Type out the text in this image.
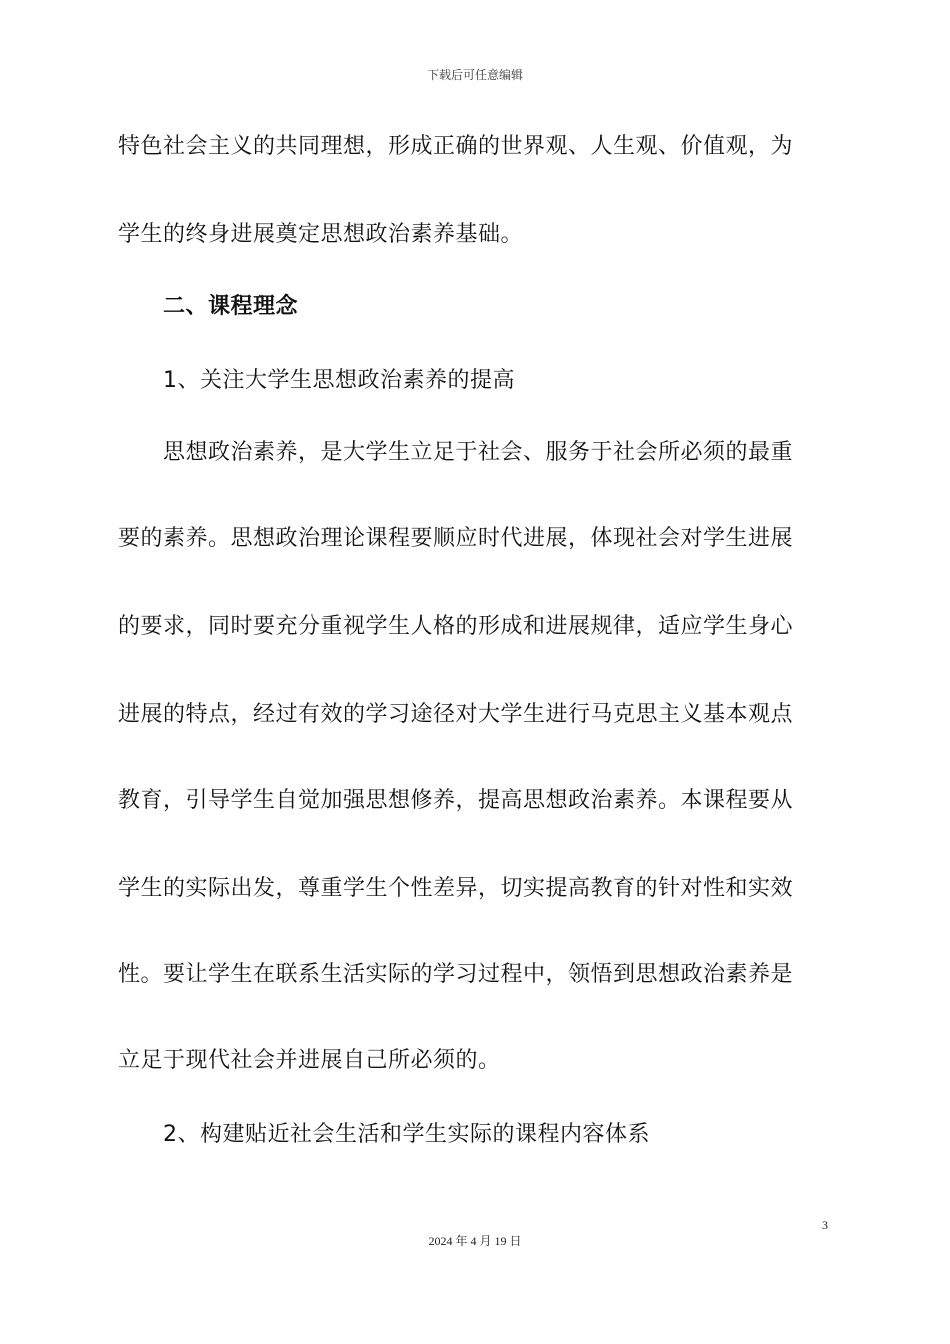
下载后可任意编辑
特色社会主义的共同理想，形成正确的世界观、人生观、价值观，为
学生的终身进展奠定思想政治素养基础。
二、课程理念
1、关注大学生思想政治素养的提高
思想政治素养，是大学生立足于社会、服务于社会所必须的最重
要的素养。思想政治理论课程要顺应时代进展，体现社会对学生进展
的要求，同时要充分重视学生人格的形成和进展规律，适应学生身心
进展的特点，经过有效的学习途径对大学生进行马克思主义基本观点
教育，引导学生自觉加强思想修养，提高思想政治素养。本课程要从
学生的实际出发，尊重学生个性差异，切实提高教育的针对性和实效
性。要让学生在联系生活实际的学习过程中，领悟到思想政治素养是
立足于现代社会并进展自己所必须的。
2、构建贴近社会生活和学生实际的课程内容体系
3
2024 年 4 月 19 日
